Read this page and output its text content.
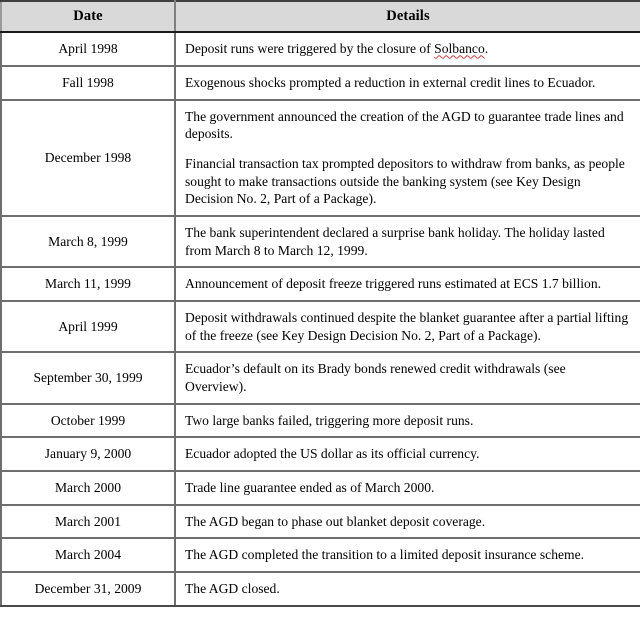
Date	Details
April 1998	Deposit runs were triggered by the closure of Solbanco.

Fall 1998	Exogenous shocks prompted a reduction in external credit lines to Ecuador.

December 1998	The government announced the creation of the AGD to guarantee trade lines and deposits.

Financial transaction tax prompted depositors to withdraw from banks, as people sought to make transactions outside the banking system (see Key Design Decision No. 2, Part of a Package).

March 8, 1999	The bank superintendent declared a surprise bank holiday. The holiday lasted from March 8 to March 12, 1999.

March 11, 1999	Announcement of deposit freeze triggered runs estimated at ECS 1.7 billion.

April 1999	Deposit withdrawals continued despite the blanket guarantee after a partial lifting of the freeze (see Key Design Decision No. 2, Part of a Package).

September 30, 1999	Ecuador’s default on its Brady bonds renewed credit withdrawals (see Overview).

October 1999	Two large banks failed, triggering more deposit runs.

January 9, 2000	Ecuador adopted the US dollar as its official currency.

March 2000	Trade line guarantee ended as of March 2000.

March 2001	The AGD began to phase out blanket deposit coverage.

March 2004	The AGD completed the transition to a limited deposit insurance scheme.

December 31, 2009	The AGD closed.
